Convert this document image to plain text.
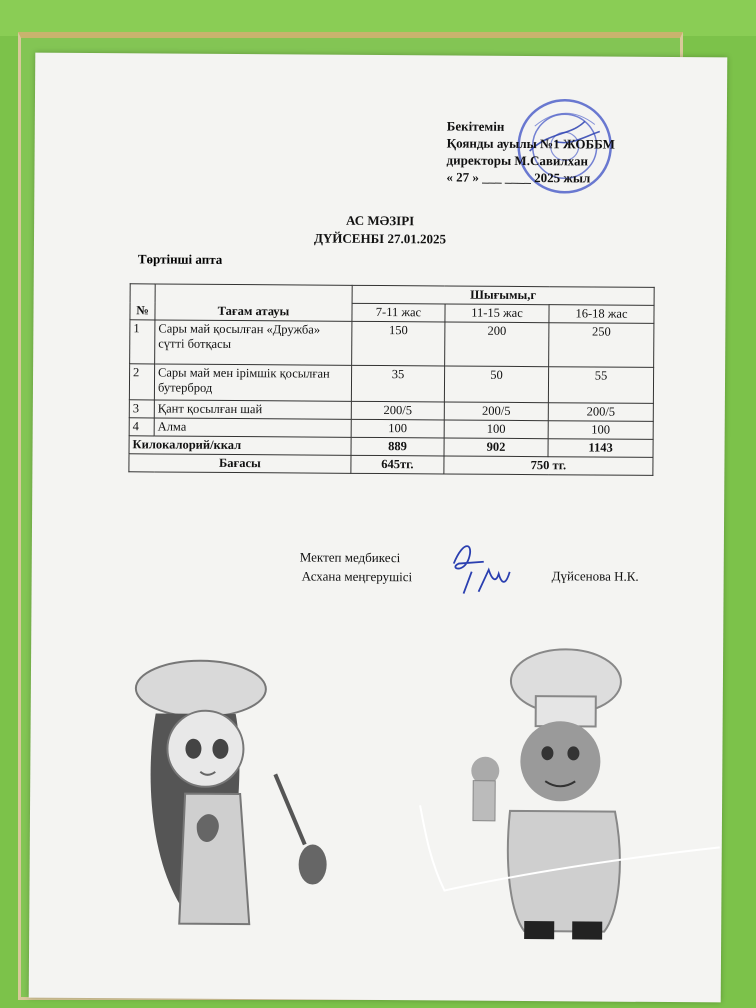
Бекітемін
Қоянды ауылы №1 ЖОББМ
директоры М.Савилхан
« 27 » ___ ____ 2025 жыл
АС МӘЗІРІ
ДҮЙСЕНБІ 27.01.2025
Төртінші апта
№	Тағам атауы	Шығымы,г		
		7-11 жас	11-15 жас	16-18 жас
1	Сары май қосылған «Дружба» сүтті ботқасы	150	200	250
2	Сары май мен ірімшік қосылған бутерброд	35	50	55
3	Қант қосылған шай	200/5	200/5	200/5
4	Алма	100	100	100
Килокалорий/ккал		889	902	1143
Бағасы		645тг.	750 тг.	
Мектеп медбикесі
Асхана меңгерушісі	Дүйсенова Н.К.
